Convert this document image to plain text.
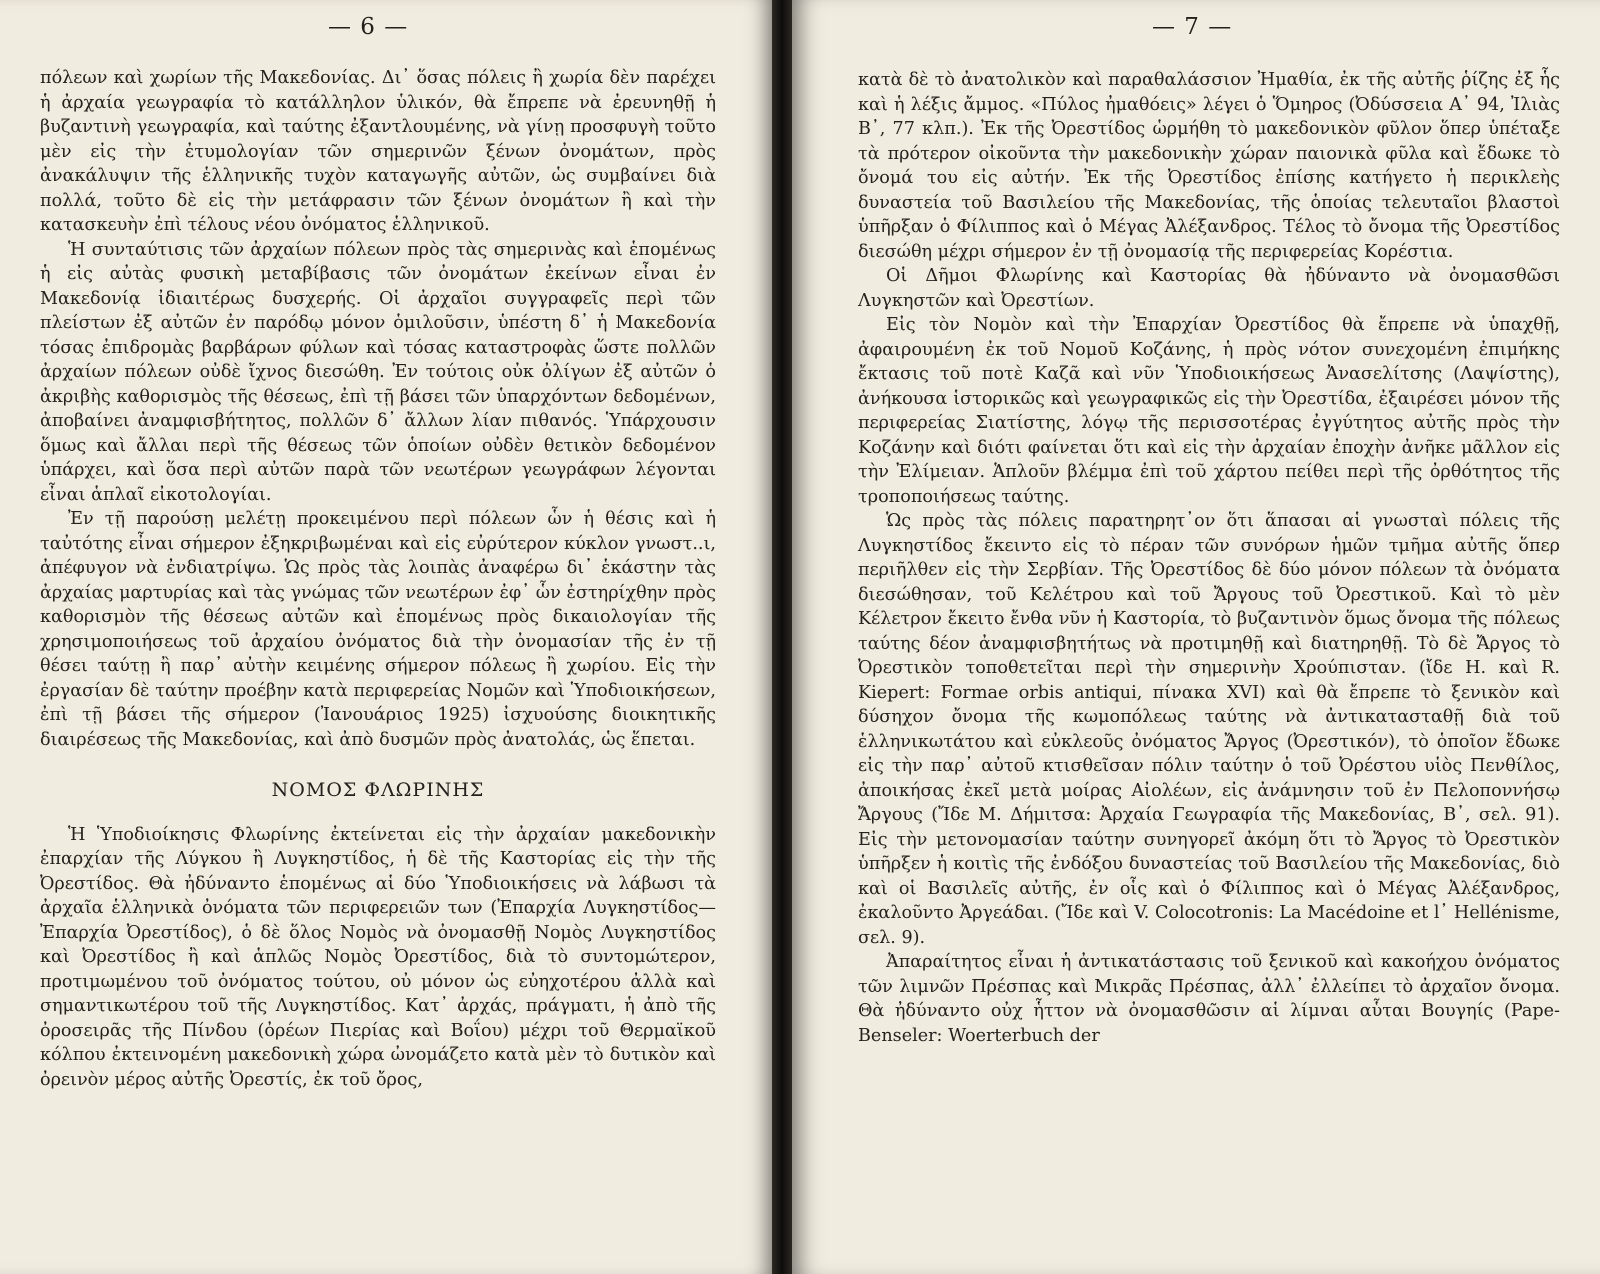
— 6 —

πόλεων καὶ χωρίων τῆς Μακεδονίας. Δι᾽ ὅσας πόλεις ἢ χωρία δὲν παρέχει ἡ ἀρχαία γεωγραφία τὸ κατάλληλον ὑλικόν, θὰ ἔπρεπε νὰ ἐρευνηθῇ ἡ βυζαντινὴ γεωγραφία, καὶ ταύτης ἐξαντλουμένης, νὰ γίνῃ προσφυγὴ τοῦτο μὲν εἰς τὴν ἐτυμολογίαν τῶν σημερινῶν ξένων ὀνομάτων, πρὸς ἀνακάλυψιν τῆς ἑλληνικῆς τυχὸν καταγωγῆς αὐτῶν, ὡς συμβαίνει διὰ πολλά, τοῦτο δὲ εἰς τὴν μετάφρασιν τῶν ξένων ὀνομάτων ἢ καὶ τὴν κατασκευὴν ἐπὶ τέλους νέου ὀνόματος ἑλληνικοῦ.

Ἡ συνταύτισις τῶν ἀρχαίων πόλεων πρὸς τὰς σημερινὰς καὶ ἑπομένως ἡ εἰς αὐτὰς φυσικὴ μεταβίβασις τῶν ὀνομάτων ἐκείνων εἶναι ἐν Μακεδονίᾳ ἰδιαιτέρως δυσχερής. Οἱ ἀρχαῖοι συγγραφεῖς περὶ τῶν πλείστων ἐξ αὐτῶν ἐν παρόδῳ μόνον ὁμιλοῦσιν, ὑπέστη δ᾽ ἡ Μακεδονία τόσας ἐπιδρομὰς βαρβάρων φύλων καὶ τόσας καταστροφὰς ὥστε πολλῶν ἀρχαίων πόλεων οὐδὲ ἴχνος διεσώθη. Ἐν τούτοις οὐκ ὀλίγων ἐξ αὐτῶν ὁ ἀκριβὴς καθορισμὸς τῆς θέσεως, ἐπὶ τῇ βάσει τῶν ὑπαρχόντων δεδομένων, ἀποβαίνει ἀναμφισβήτητος, πολλῶν δ᾽ ἄλλων λίαν πιθανός. Ὑπάρχουσιν ὅμως καὶ ἄλλαι περὶ τῆς θέσεως τῶν ὁποίων οὐδὲν θετικὸν δεδομένον ὑπάρχει, καὶ ὅσα περὶ αὐτῶν παρὰ τῶν νεωτέρων γεωγράφων λέγονται εἶναι ἁπλαῖ εἰκοτολογίαι.

Ἐν τῇ παρούσῃ μελέτῃ προκειμένου περὶ πόλεων ὧν ἡ θέσις καὶ ἡ ταὐτότης εἶναι σήμερον ἐξηκριβωμέναι καὶ εἰς εὐρύτερον κύκλον γνωστ..ι, ἀπέφυγον νὰ ἐνδιατρίψω. Ὡς πρὸς τὰς λοιπὰς ἀναφέρω δι᾽ ἑκάστην τὰς ἀρχαίας μαρτυρίας καὶ τὰς γνώμας τῶν νεωτέρων ἐφ᾽ ὧν ἐστηρίχθην πρὸς καθορισμὸν τῆς θέσεως αὐτῶν καὶ ἑπομένως πρὸς δικαιολογίαν τῆς χρησιμοποιήσεως τοῦ ἀρχαίου ὀνόματος διὰ τὴν ὀνομασίαν τῆς ἐν τῇ θέσει ταύτῃ ἢ παρ᾽ αὐτὴν κειμένης σήμερον πόλεως ἢ χωρίου. Εἰς τὴν ἐργασίαν δὲ ταύτην προέβην κατὰ περιφερείας Νομῶν καὶ Ὑποδιοικήσεων, ἐπὶ τῇ βάσει τῆς σήμερον (Ἰανουάριος 1925) ἰσχυούσης διοικητικῆς διαιρέσεως τῆς Μακεδονίας, καὶ ἀπὸ δυσμῶν πρὸς ἀνατολάς, ὡς ἕπεται.

ΝΟΜΟΣ ΦΛΩΡΙΝΗΣ

Ἡ Ὑποδιοίκησις Φλωρίνης ἐκτείνεται εἰς τὴν ἀρχαίαν μακεδονικὴν ἐπαρχίαν τῆς Λύγκου ἢ Λυγκηστίδος, ἡ δὲ τῆς Καστορίας εἰς τὴν τῆς Ὀρεστίδος. Θὰ ἠδύναντο ἑπομένως αἱ δύο Ὑποδιοικήσεις νὰ λάβωσι τὰ ἀρχαῖα ἑλληνικὰ ὀνόματα τῶν περιφερειῶν των (Ἐπαρχία Λυγκηστίδος—Ἐπαρχία Ὀρεστίδος), ὁ δὲ ὅλος Νομὸς νὰ ὀνομασθῇ Νομὸς Λυγκηστίδος καὶ Ὀρεστίδος ἢ καὶ ἁπλῶς Νομὸς Ὀρεστίδος, διὰ τὸ συντομώτερον, προτιμωμένου τοῦ ὀνόματος τούτου, οὐ μόνον ὡς εὐηχοτέρου ἀλλὰ καὶ σημαντικωτέρου τοῦ τῆς Λυγκηστίδος. Κατ᾽ ἀρχάς, πράγματι, ἡ ἀπὸ τῆς ὀροσειρᾶς τῆς Πίνδου (ὀρέων Πιερίας καὶ Βοΐου) μέχρι τοῦ Θερμαϊκοῦ κόλπου ἐκτεινομένη μακεδονικὴ χώρα ὠνομάζετο κατὰ μὲν τὸ δυτικὸν καὶ ὀρεινὸν μέρος αὐτῆς Ὀρεστίς, ἐκ τοῦ ὄρος,

— 7 —

κατὰ δὲ τὸ ἀνατολικὸν καὶ παραθαλάσσιον Ἠμαθία, ἐκ τῆς αὐτῆς ῥίζης ἐξ ἧς καὶ ἡ λέξις ἄμμος. «Πύλος ἠμαθόεις» λέγει ὁ Ὅμηρος (Ὀδύσσεια Α᾽ 94, Ἰλιὰς Β᾽, 77 κλπ.). Ἐκ τῆς Ὀρεστίδος ὡρμήθη τὸ μακεδονικὸν φῦλον ὅπερ ὑπέταξε τὰ πρότερον οἰκοῦντα τὴν μακεδονικὴν χώραν παιονικὰ φῦλα καὶ ἔδωκε τὸ ὄνομά του εἰς αὐτήν. Ἐκ τῆς Ὀρεστίδος ἐπίσης κατήγετο ἡ περικλεὴς δυναστεία τοῦ Βασιλείου τῆς Μακεδονίας, τῆς ὁποίας τελευταῖοι βλαστοὶ ὑπῆρξαν ὁ Φίλιππος καὶ ὁ Μέγας Ἀλέξανδρος. Τέλος τὸ ὄνομα τῆς Ὀρεστίδος διεσώθη μέχρι σήμερον ἐν τῇ ὀνομασίᾳ τῆς περιφερείας Κορέστια.

Οἱ Δῆμοι Φλωρίνης καὶ Καστορίας θὰ ἠδύναντο νὰ ὀνομασθῶσι Λυγκηστῶν καὶ Ὀρεστίων.

Εἰς τὸν Νομὸν καὶ τὴν Ἐπαρχίαν Ὀρεστίδος θὰ ἔπρεπε νὰ ὑπαχθῇ, ἀφαιρουμένη ἐκ τοῦ Νομοῦ Κοζάνης, ἡ πρὸς νότον συνεχομένη ἐπιμήκης ἔκτασις τοῦ ποτὲ Καζᾶ καὶ νῦν Ὑποδιοικήσεως Ἀνασελίτσης (Λαψίστης), ἀνήκουσα ἱστορικῶς καὶ γεωγραφικῶς εἰς τὴν Ὀρεστίδα, ἐξαιρέσει μόνον τῆς περιφερείας Σιατίστης, λόγῳ τῆς περισσοτέρας ἐγγύτητος αὐτῆς πρὸς τὴν Κοζάνην καὶ διότι φαίνεται ὅτι καὶ εἰς τὴν ἀρχαίαν ἐποχὴν ἀνῆκε μᾶλλον εἰς τὴν Ἐλίμειαν. Ἁπλοῦν βλέμμα ἐπὶ τοῦ χάρτου πείθει περὶ τῆς ὀρθότητος τῆς τροποποιήσεως ταύτης.

Ὡς πρὸς τὰς πόλεις παρατηρητ᾽ον ὅτι ἅπασαι αἱ γνωσταὶ πόλεις τῆς Λυγκηστίδος ἔκειντο εἰς τὸ πέραν τῶν συνόρων ἡμῶν τμῆμα αὐτῆς ὅπερ περιῆλθεν εἰς τὴν Σερβίαν. Τῆς Ὀρεστίδος δὲ δύο μόνον πόλεων τὰ ὀνόματα διεσώθησαν, τοῦ Κελέτρου καὶ τοῦ Ἄργους τοῦ Ὀρεστικοῦ. Καὶ τὸ μὲν Κέλετρον ἔκειτο ἔνθα νῦν ἡ Καστορία, τὸ βυζαντινὸν ὅμως ὄνομα τῆς πόλεως ταύτης δέον ἀναμφισβητήτως νὰ προτιμηθῇ καὶ διατηρηθῇ. Τὸ δὲ Ἄργος τὸ Ὀρεστικὸν τοποθετεῖται περὶ τὴν σημερινὴν Χρούπισταν. (ἴδε H. καὶ R. Kiepert: Formae orbis antiqui, πίνακα XVI) καὶ θὰ ἔπρεπε τὸ ξενικὸν καὶ δύσηχον ὄνομα τῆς κωμοπόλεως ταύτης νὰ ἀντικατασταθῇ διὰ τοῦ ἑλληνικωτάτου καὶ εὐκλεοῦς ὀνόματος Ἄργος (Ὀρεστικόν), τὸ ὁποῖον ἔδωκε εἰς τὴν παρ᾽ αὐτοῦ κτισθεῖσαν πόλιν ταύτην ὁ τοῦ Ὀρέστου υἱὸς Πενθίλος, ἀποικήσας ἐκεῖ μετὰ μοίρας Αἰολέων, εἰς ἀνάμνησιν τοῦ ἐν Πελοποννήσῳ Ἄργους (Ἴδε Μ. Δήμιτσα: Ἀρχαία Γεωγραφία τῆς Μακεδονίας, Β᾽, σελ. 91). Εἰς τὴν μετονομασίαν ταύτην συνηγορεῖ ἀκόμη ὅτι τὸ Ἄργος τὸ Ὀρεστικὸν ὑπῆρξεν ἡ κοιτὶς τῆς ἐνδόξου δυναστείας τοῦ Βασιλείου τῆς Μακεδονίας, διὸ καὶ οἱ Βασιλεῖς αὐτῆς, ἐν οἷς καὶ ὁ Φίλιππος καὶ ὁ Μέγας Ἀλέξανδρος, ἐκαλοῦντο Ἀργεάδαι. (Ἴδε καὶ V. Colocotronis: La Macédoine et l᾽ Hellénisme, σελ. 9).

Ἀπαραίτητος εἶναι ἡ ἀντικατάστασις τοῦ ξενικοῦ καὶ κακοήχου ὀνόματος τῶν λιμνῶν Πρέσπας καὶ Μικρᾶς Πρέσπας, ἀλλ᾽ ἐλλείπει τὸ ἀρχαῖον ὄνομα. Θὰ ἠδύναντο οὐχ ἧττον νὰ ὀνομασθῶσιν αἱ λίμναι αὗται Βουγηίς (Pape-Benseler: Woerterbuch der
